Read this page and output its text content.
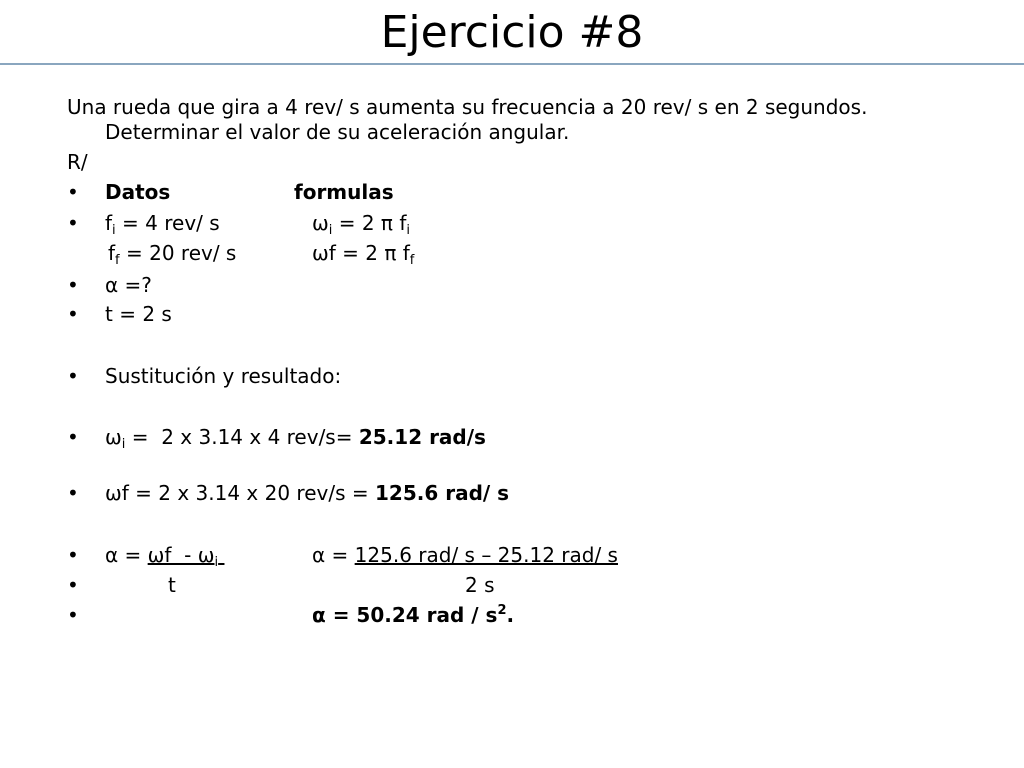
Ejercicio #8
Una rueda que gira a 4 rev/ s aumenta su frecuencia a 20 rev/ s en 2 segundos.
Determinar el valor de su aceleración angular.
R/
• Datos	formulas
• $f_i = 4$ rev/ s	$\omega_i = 2$ π $f_i$
$f_f = 20$ rev/ s	ωf = 2 π $f_f$
• α =?
• t = 2 s
• Sustitución y resultado:
• $\omega_i = 2$ x 3.14 x 4 rev/s= 25.12 rad/s
• ωf = 2 x 3.14 x 20 rev/s = 125.6 rad/ s
• $\alpha = \omega f - \omega_i$	α = 125.6 rad/ s – 25.12 rad/ s
•	t	2 s
•	α = 50.24 rad / $s^2$.
